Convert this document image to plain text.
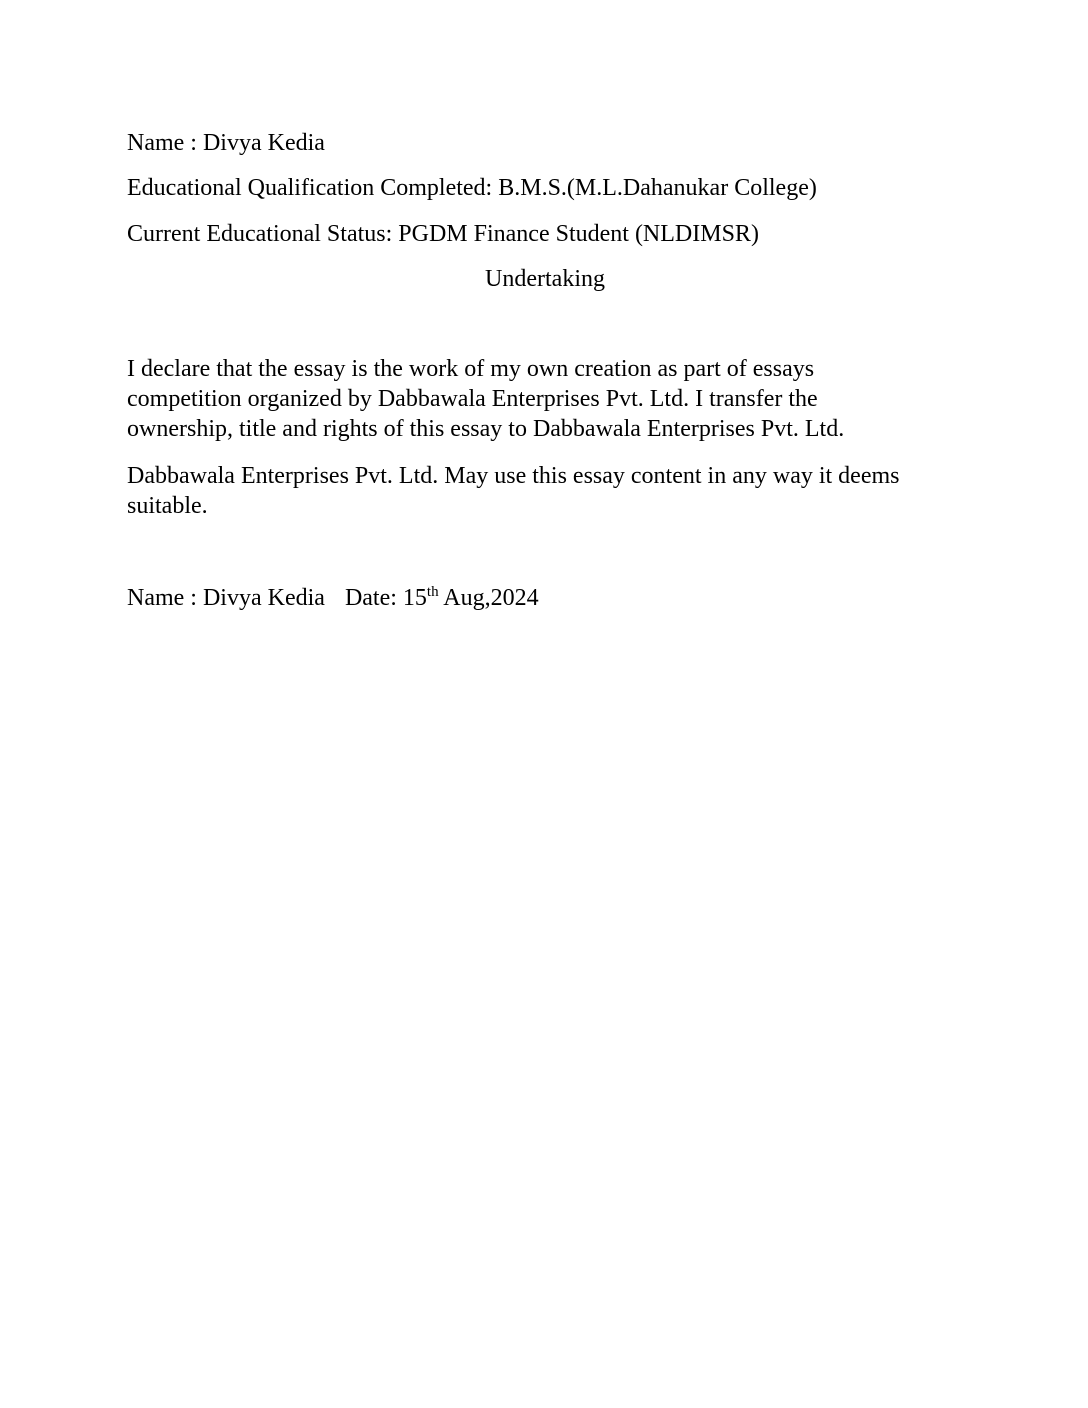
Name : Divya Kedia

Educational Qualification Completed: B.M.S.(M.L.Dahanukar College)

Current Educational Status: PGDM Finance Student (NLDIMSR)

Undertaking
I declare that the essay is the work of my own creation as part of essays
competition organized by Dabbawala Enterprises Pvt. Ltd. I transfer the
ownership, title and rights of this essay to Dabbawala Enterprises Pvt. Ltd.
Dabbawala Enterprises Pvt. Ltd. May use this essay content in any way it deems
suitable.

Name : Divya Kedia Date: 15th Aug,2024
